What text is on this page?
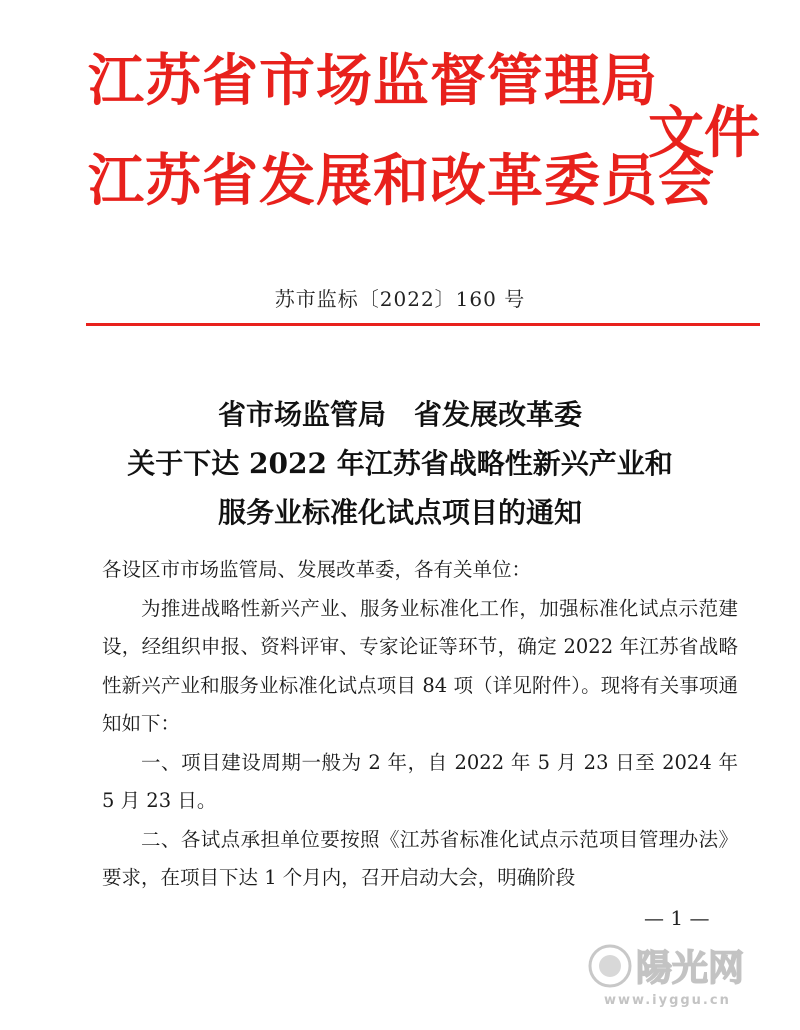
江苏省市场监督管理局
江苏省发展和改革委员会
文件
苏市监标〔2022〕160 号
省市场监管局　省发展改革委
关于下达 2022 年江苏省战略性新兴产业和
服务业标准化试点项目的通知

各设区市市场监管局、发展改革委，各有关单位：

为推进战略性新兴产业、服务业标准化工作，加强标准化试点示范建设，经组织申报、资料评审、专家论证等环节，确定 2022 年江苏省战略性新兴产业和服务业标准化试点项目 84 项（详见附件）。现将有关事项通知如下：

一、项目建设周期一般为 2 年，自 2022 年 5 月 23 日至 2024 年 5 月 23 日。

二、各试点承担单位要按照《江苏省标准化试点示范项目管理办法》要求，在项目下达 1 个月内，召开启动大会，明确阶段

— 1 —
陽光网
www.iyggu.cn
